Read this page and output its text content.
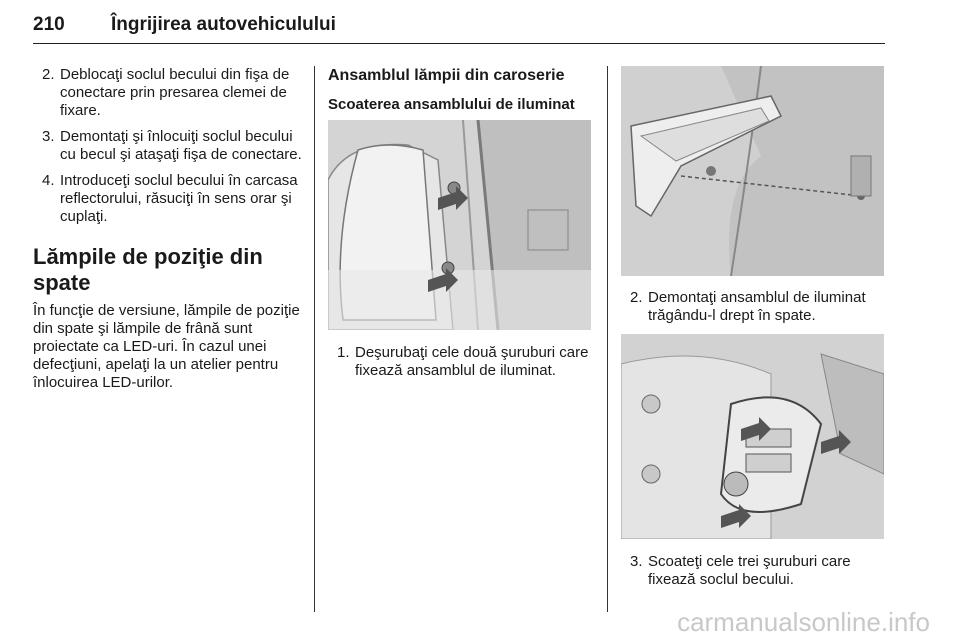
210 Îngrijirea autovehiculului
2. Deblocaţi soclul becului din fişa de conectare prin presarea clemei de fixare.
3. Demontaţi şi înlocuiţi soclul becului cu becul şi ataşaţi fişa de conectare.
4. Introduceţi soclul becului în carcasa reflectorului, răsuciţi în sens orar şi cuplaţi.
Lămpile de poziţie din spate

În funcţie de versiune, lămpile de poziţie din spate şi lămpile de frână sunt proiectate ca LED-uri. În cazul unei defecţiuni, apelaţi la un atelier pentru înlocuirea LED-urilor.

Ansamblul lămpii din caroserie
Scoaterea ansamblului de iluminat
1. Deşurubaţi cele două şuruburi care fixează ansamblul de iluminat.
2. Demontaţi ansamblul de iluminat trăgându-l drept în spate.
3. Scoateţi cele trei şuruburi care fixează soclul becului.
carmanualsonline.info
